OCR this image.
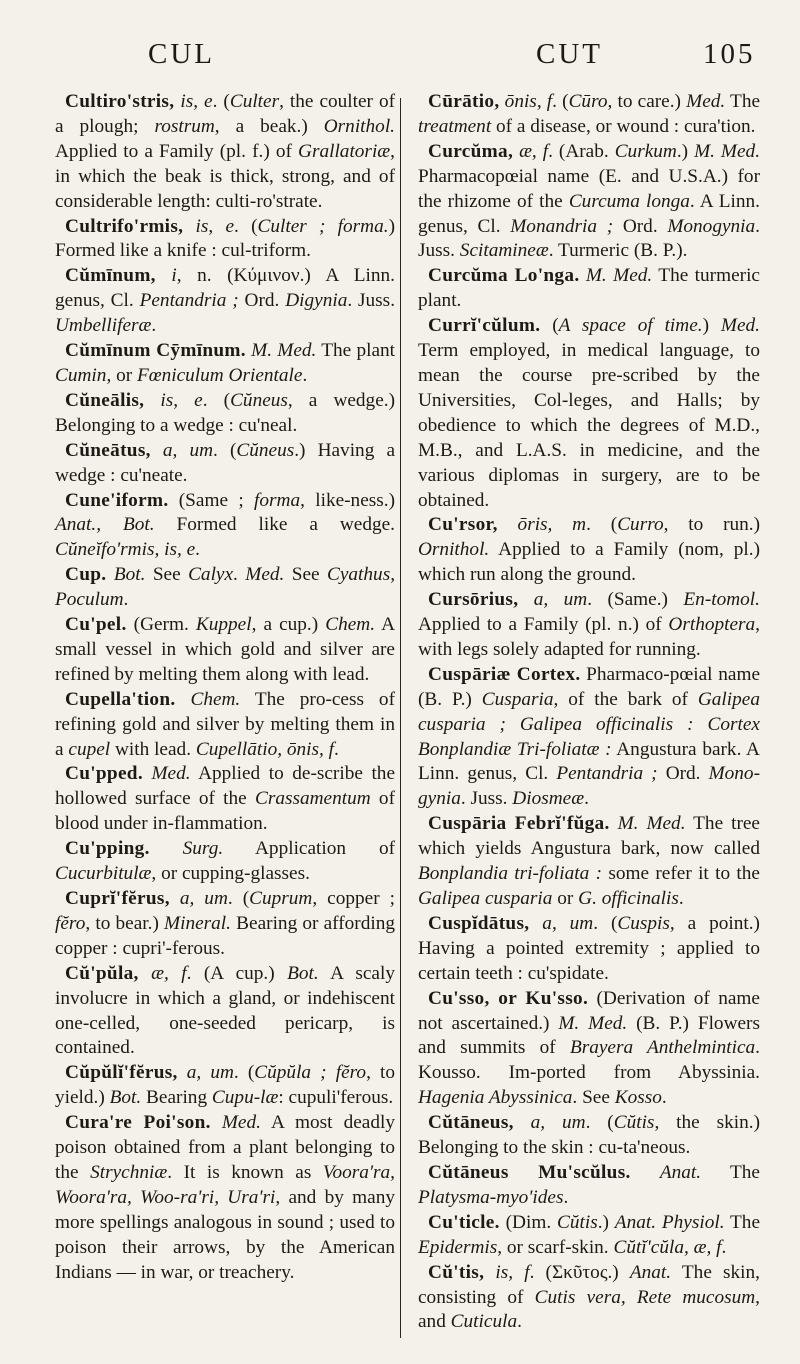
CUL	CUT	105

Cultiro'stris, is, e. (Culter, the coulter of a plough; rostrum, a beak.) Ornithol. Applied to a Family (pl. f.) of Grallatoriæ, in which the beak is thick, strong, and of considerable length: culti-ro'strate.

Cultrifo'rmis, is, e. (Culter ; forma.) Formed like a knife : cul-triform.

Cŭmīnum, i, n. (Κύμινον.) A Linn. genus, Cl. Pentandria ; Ord. Digynia. Juss. Umbelliferæ.

Cŭmīnum Cȳmīnum. M. Med. The plant Cumin, or Fœniculum Orientale.

Cŭneālis, is, e. (Cŭneus, a wedge.) Belonging to a wedge : cu'neal.

Cŭneātus, a, um. (Cŭneus.) Having a wedge : cu'neate.

Cune'iform. (Same ; forma, like-ness.) Anat., Bot. Formed like a wedge. Cŭneĭfo'rmis, is, e.

Cup. Bot. See Calyx. Med. See Cyathus, Poculum.

Cu'pel. (Germ. Kuppel, a cup.) Chem. A small vessel in which gold and silver are refined by melting them along with lead.

Cupella'tion. Chem. The pro-cess of refining gold and silver by melting them in a cupel with lead. Cupellātio, ōnis, f.

Cu'pped. Med. Applied to de-scribe the hollowed surface of the Crassamentum of blood under in-flammation.

Cu'pping. Surg. Application of Cucurbitulæ, or cupping-glasses.

Cuprĭ'fĕrus, a, um. (Cuprum, copper ; fĕro, to bear.) Mineral. Bearing or affording copper : cupri'-ferous.

Cŭ'pŭla, æ, f. (A cup.) Bot. A scaly involucre in which a gland, or indehiscent one-celled, one-seeded pericarp, is contained.

Cŭpŭlĭ'fĕrus, a, um. (Cŭpŭla ; fĕro, to yield.) Bot. Bearing Cupu-læ: cupuli'ferous.

Cura're Poi'son. Med. A most deadly poison obtained from a plant belonging to the Strychniæ. It is known as Voora'ra, Woora'ra, Woo-ra'ri, Ura'ri, and by many more spellings analogous in sound ; used to poison their arrows, by the American Indians — in war, or treachery.

Cūrātio, ōnis, f. (Cūro, to care.) Med. The treatment of a disease, or wound : cura'tion.

Curcŭma, æ, f. (Arab. Curkum.) M. Med. Pharmacopœial name (E. and U.S.A.) for the rhizome of the Curcuma longa. A Linn. genus, Cl. Monandria ; Ord. Monogynia. Juss. Scitamineæ. Turmeric (B. P.).

Curcŭma Lo'nga. M. Med. The turmeric plant.

Currĭ'cŭlum. (A space of time.) Med. Term employed, in medical language, to mean the course pre-scribed by the Universities, Col-leges, and Halls; by obedience to which the degrees of M.D., M.B., and L.A.S. in medicine, and the various diplomas in surgery, are to be obtained.

Cu'rsor, ōris, m. (Curro, to run.) Ornithol. Applied to a Family (nom, pl.) which run along the ground.

Cursōrius, a, um. (Same.) En-tomol. Applied to a Family (pl. n.) of Orthoptera, with legs solely adapted for running.

Cuspāriæ Cortex. Pharmaco-pœial name (B. P.) Cusparia, of the bark of Galipea cusparia ; Galipea officinalis : Cortex Bonplandiæ Tri-foliatæ : Angustura bark. A Linn. genus, Cl. Pentandria ; Ord. Mono-gynia. Juss. Diosmeæ.

Cuspāria Febrĭ'fŭga. M. Med. The tree which yields Angustura bark, now called Bonplandia tri-foliata : some refer it to the Galipea cusparia or G. officinalis.

Cuspĭdātus, a, um. (Cuspis, a point.) Having a pointed extremity ; applied to certain teeth : cu'spidate.

Cu'sso, or Ku'sso. (Derivation of name not ascertained.) M. Med. (B. P.) Flowers and summits of Brayera Anthelmintica. Kousso. Im-ported from Abyssinia. Hagenia Abyssinica. See Kosso.

Cŭtāneus, a, um. (Cŭtis, the skin.) Belonging to the skin : cu-ta'neous.

Cŭtāneus Mu'scŭlus. Anat. The Platysma-myo'ides.

Cu'ticle. (Dim. Cŭtis.) Anat. Physiol. The Epidermis, or scarf-skin. Cŭtĭ'cŭla, æ, f.

Cŭ'tis, is, f. (Σκῦτος.) Anat. The skin, consisting of Cutis vera, Rete mucosum, and Cuticula.
